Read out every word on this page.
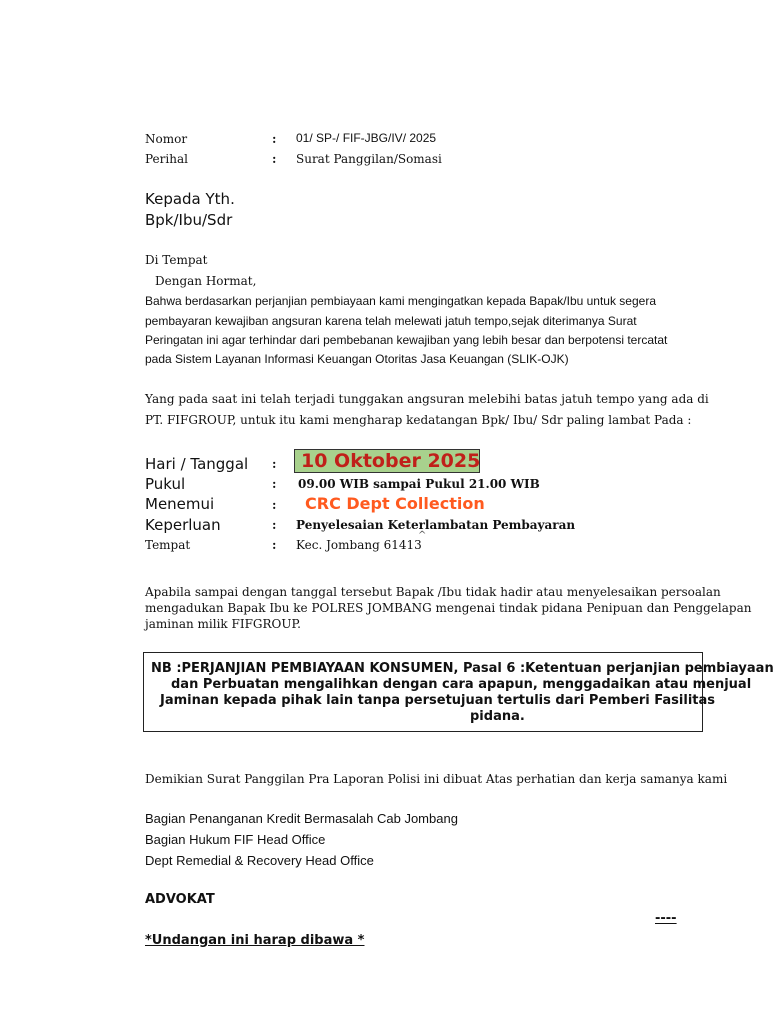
Nomor	: 01/ SP-/ FIF-JBG/IV/ 2025
Perihal	: Surat Panggilan/Somasi
Kepada Yth.
Bpk/Ibu/Sdr
Di Tempat
Dengan Hormat,
Bahwa berdasarkan perjanjian pembiayaan kami mengingatkan kepada Bapak/Ibu untuk segera
pembayaran kewajiban angsuran karena telah melewati jatuh tempo,sejak diterimanya Surat
Peringatan ini agar terhindar dari pembebanan kewajiban yang lebih besar dan berpotensi tercatat
pada Sistem Layanan Informasi Keuangan Otoritas Jasa Keuangan (SLIK-OJK)
Yang pada saat ini telah terjadi tunggakan angsuran melebihi batas jatuh tempo yang ada di
PT. FIFGROUP, untuk itu kami mengharap kedatangan Bpk/ Ibu/ Sdr paling lambat Pada :
Hari / Tanggal :	10 Oktober 2025
Pukul	: 09.00 WIB sampai Pukul 21.00 WIB
Menemui	: CRC Dept Collection
Keperluan	: Penyelesaian Keterlambatan Pembayaran
Tempat	: Kec. Jombang 61413
^
Apabila sampai dengan tanggal tersebut Bapak /Ibu tidak hadir atau menyelesaikan persoalan
mengadukan Bapak Ibu ke POLRES JOMBANG mengenai tindak pidana Penipuan dan Penggelapan
jaminan milik FIFGROUP.
NB :PERJANJIAN PEMBIAYAAN KONSUMEN, Pasal 6 :Ketentuan perjanjian pembiayaan
dan Perbuatan mengalihkan dengan cara apapun, menggadaikan atau menjual
Jaminan kepada pihak lain tanpa persetujuan tertulis dari Pemberi Fasilitas
pidana.
Demikian Surat Panggilan Pra Laporan Polisi ini dibuat Atas perhatian dan kerja samanya kami
Bagian Penanganan Kredit Bermasalah Cab Jombang
Bagian Hukum FIF Head Office
Dept Remedial & Recovery Head Office
ADVOKAT
----
*Undangan ini harap dibawa *
